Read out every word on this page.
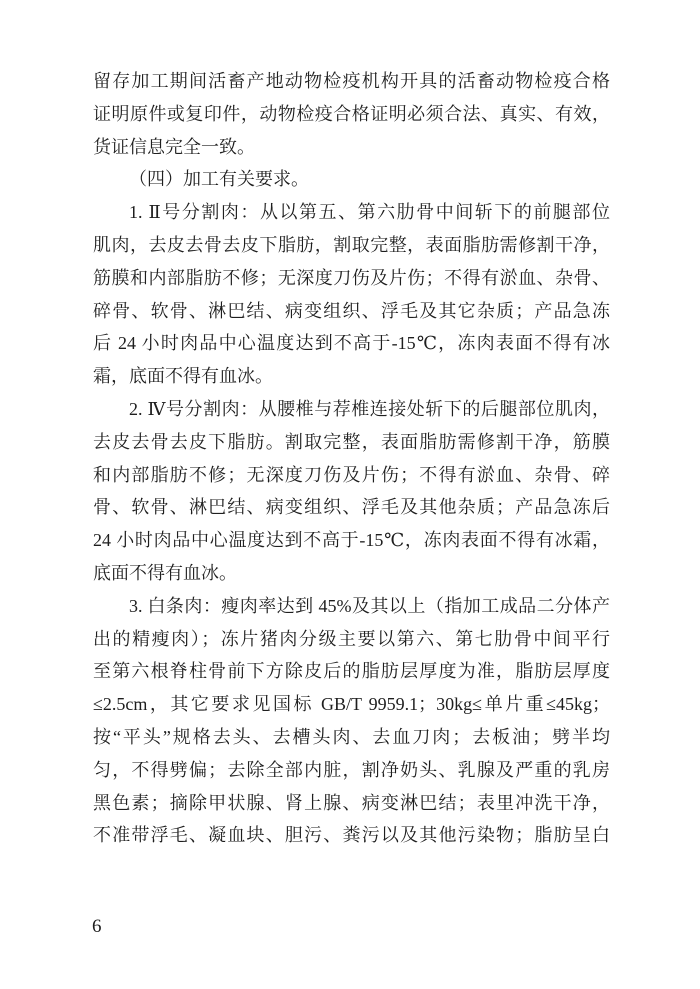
留存加工期间活畜产地动物检疫机构开具的活畜动物检疫合格
证明原件或复印件，动物检疫合格证明必须合法、真实、有效，
货证信息完全一致。
（四）加工有关要求。
1. Ⅱ号分割肉：从以第五、第六肋骨中间斩下的前腿部位
肌肉，去皮去骨去皮下脂肪，割取完整，表面脂肪需修割干净，
筋膜和内部脂肪不修；无深度刀伤及片伤；不得有淤血、杂骨、
碎骨、软骨、淋巴结、病变组织、浮毛及其它杂质；产品急冻
后 24 小时肉品中心温度达到不高于-15℃，冻肉表面不得有冰
霜，底面不得有血冰。
2. Ⅳ号分割肉：从腰椎与荐椎连接处斩下的后腿部位肌肉，
去皮去骨去皮下脂肪。割取完整，表面脂肪需修割干净，筋膜
和内部脂肪不修；无深度刀伤及片伤；不得有淤血、杂骨、碎
骨、软骨、淋巴结、病变组织、浮毛及其他杂质；产品急冻后
24 小时肉品中心温度达到不高于-15℃，冻肉表面不得有冰霜，
底面不得有血冰。
3. 白条肉：瘦肉率达到 45%及其以上（指加工成品二分体产
出的精瘦肉）；冻片猪肉分级主要以第六、第七肋骨中间平行
至第六根脊柱骨前下方除皮后的脂肪层厚度为准，脂肪层厚度
≤2.5cm，其它要求见国标 GB/T 9959.1；30kg≤单片重≤45kg；
按“平头”规格去头、去槽头肉、去血刀肉；去板油；劈半均
匀，不得劈偏；去除全部内脏，割净奶头、乳腺及严重的乳房
黑色素；摘除甲状腺、肾上腺、病变淋巴结；表里冲洗干净，
不准带浮毛、凝血块、胆污、粪污以及其他污染物；脂肪呈白
6
